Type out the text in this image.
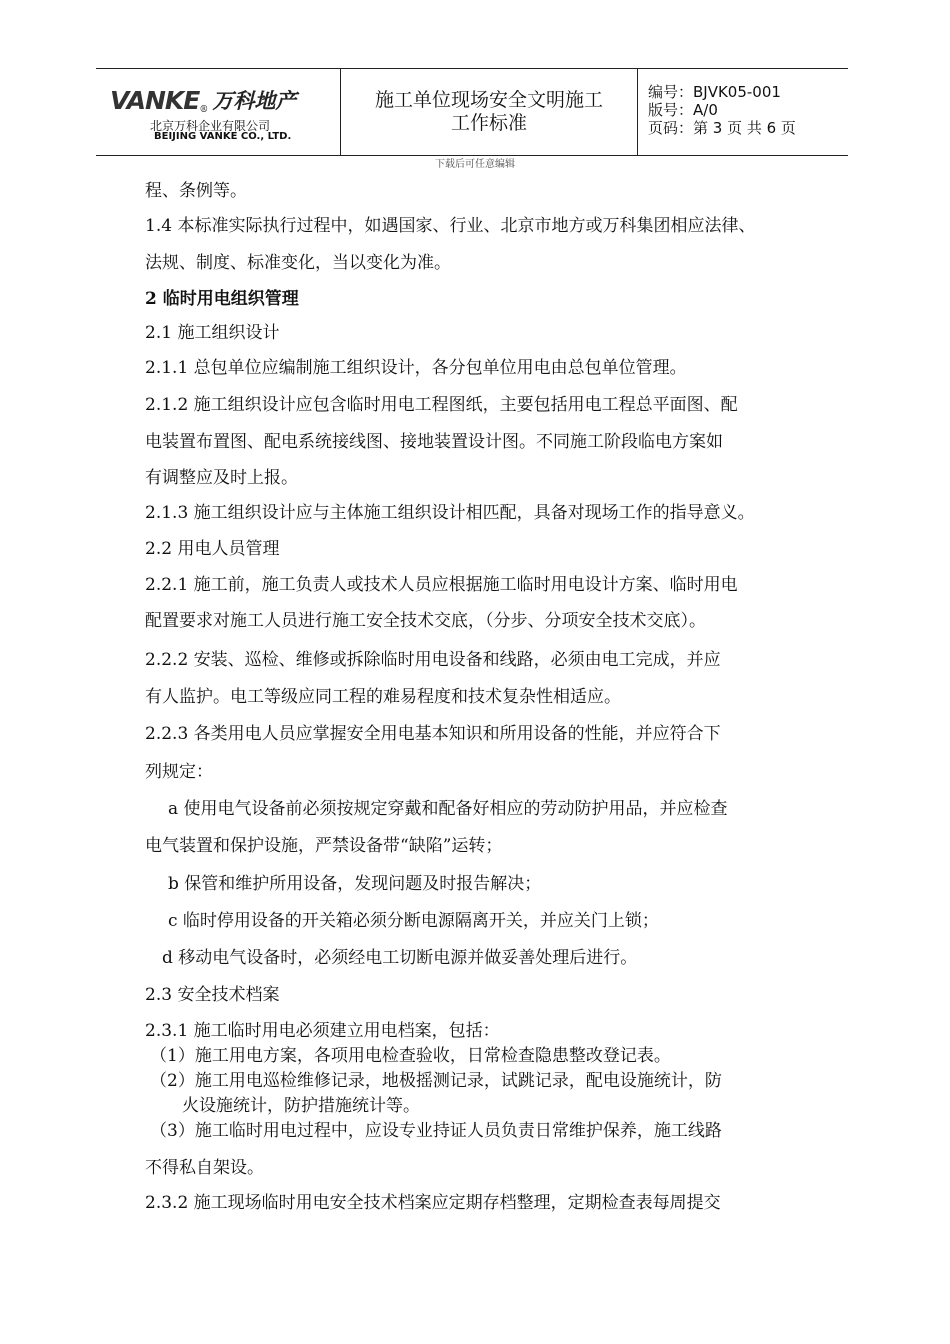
VANKE ® 万科地产
北京万科企业有限公司
BEIJING VANKE CO., LTD.
施工单位现场安全文明施工
工作标准
编号：BJVK05-001
版号：A/0
页码：第 3 页 共 6 页
下载后可任意编辑
程、条例等。
1.4 本标准实际执行过程中，如遇国家、行业、北京市地方或万科集团相应法律、
法规、制度、标准变化，当以变化为准。
2 临时用电组织管理
2.1 施工组织设计
2.1.1 总包单位应编制施工组织设计，各分包单位用电由总包单位管理。
2.1.2 施工组织设计应包含临时用电工程图纸，主要包括用电工程总平面图、配
电装置布置图、配电系统接线图、接地装置设计图。不同施工阶段临电方案如
有调整应及时上报。
2.1.3 施工组织设计应与主体施工组织设计相匹配，具备对现场工作的指导意义。
2.2 用电人员管理
2.2.1 施工前，施工负责人或技术人员应根据施工临时用电设计方案、临时用电
配置要求对施工人员进行施工安全技术交底，（分步、分项安全技术交底）。
2.2.2 安装、巡检、维修或拆除临时用电设备和线路，必须由电工完成，并应
有人监护。电工等级应同工程的难易程度和技术复杂性相适应。
2.2.3 各类用电人员应掌握安全用电基本知识和所用设备的性能，并应符合下
列规定：
a 使用电气设备前必须按规定穿戴和配备好相应的劳动防护用品，并应检查
电气装置和保护设施，严禁设备带“缺陷”运转；
b 保管和维护所用设备，发现问题及时报告解决；
c 临时停用设备的开关箱必须分断电源隔离开关，并应关门上锁；
d 移动电气设备时，必须经电工切断电源并做妥善处理后进行。
2.3 安全技术档案
2.3.1 施工临时用电必须建立用电档案，包括：
（1）施工用电方案，各项用电检查验收，日常检查隐患整改登记表。
（2）施工用电巡检维修记录，地极摇测记录，试跳记录，配电设施统计，防
火设施统计，防护措施统计等。
（3）施工临时用电过程中，应设专业持证人员负责日常维护保养，施工线路
不得私自架设。
2.3.2 施工现场临时用电安全技术档案应定期存档整理，定期检查表每周提交
